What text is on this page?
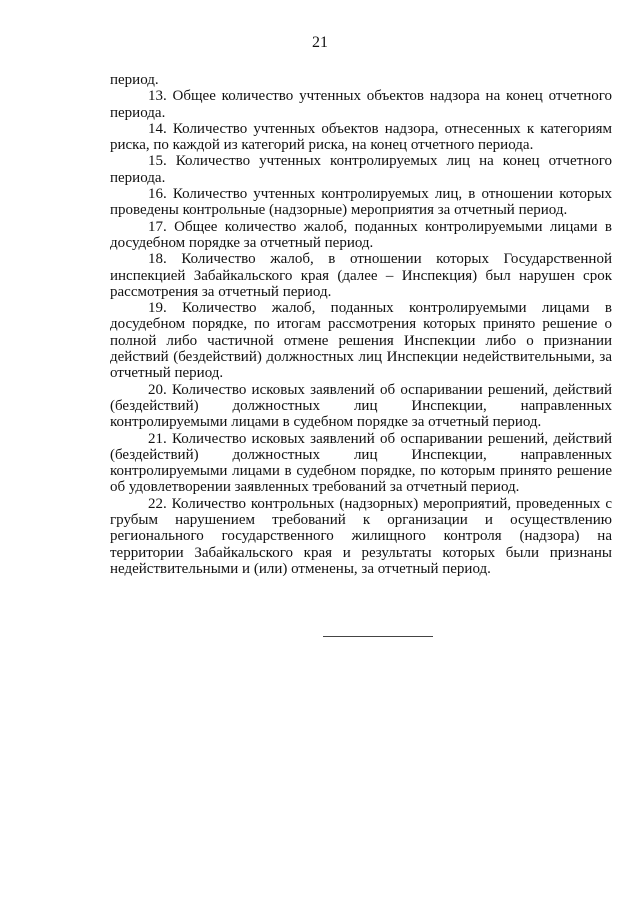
21

период.

13. Общее количество учтенных объектов надзора на конец отчетного периода.

14. Количество учтенных объектов надзора, отнесенных к категориям риска, по каждой из категорий риска, на конец отчетного периода.

15. Количество учтенных контролируемых лиц на конец отчетного периода.

16. Количество учтенных контролируемых лиц, в отношении которых проведены контрольные (надзорные) мероприятия за отчетный период.

17. Общее количество жалоб, поданных контролируемыми лицами в досудебном порядке за отчетный период.

18. Количество жалоб, в отношении которых Государственной инспекцией Забайкальского края (далее – Инспекция) был нарушен срок рассмотрения за отчетный период.

19. Количество жалоб, поданных контролируемыми лицами в досудебном порядке, по итогам рассмотрения которых принято решение о полной либо частичной отмене решения Инспекции либо о признании действий (бездействий) должностных лиц Инспекции недействительными, за отчетный период.

20. Количество исковых заявлений об оспаривании решений, действий (бездействий) должностных лиц Инспекции, направленных контролируемыми лицами в судебном порядке за отчетный период.

21. Количество исковых заявлений об оспаривании решений, действий (бездействий) должностных лиц Инспекции, направленных контролируемыми лицами в судебном порядке, по которым принято решение об удовлетворении заявленных требований за отчетный период.

22. Количество контрольных (надзорных) мероприятий, проведенных с грубым нарушением требований к организации и осуществлению регионального государственного жилищного контроля (надзора) на территории Забайкальского края и результаты которых были признаны недействительными и (или) отменены, за отчетный период.
